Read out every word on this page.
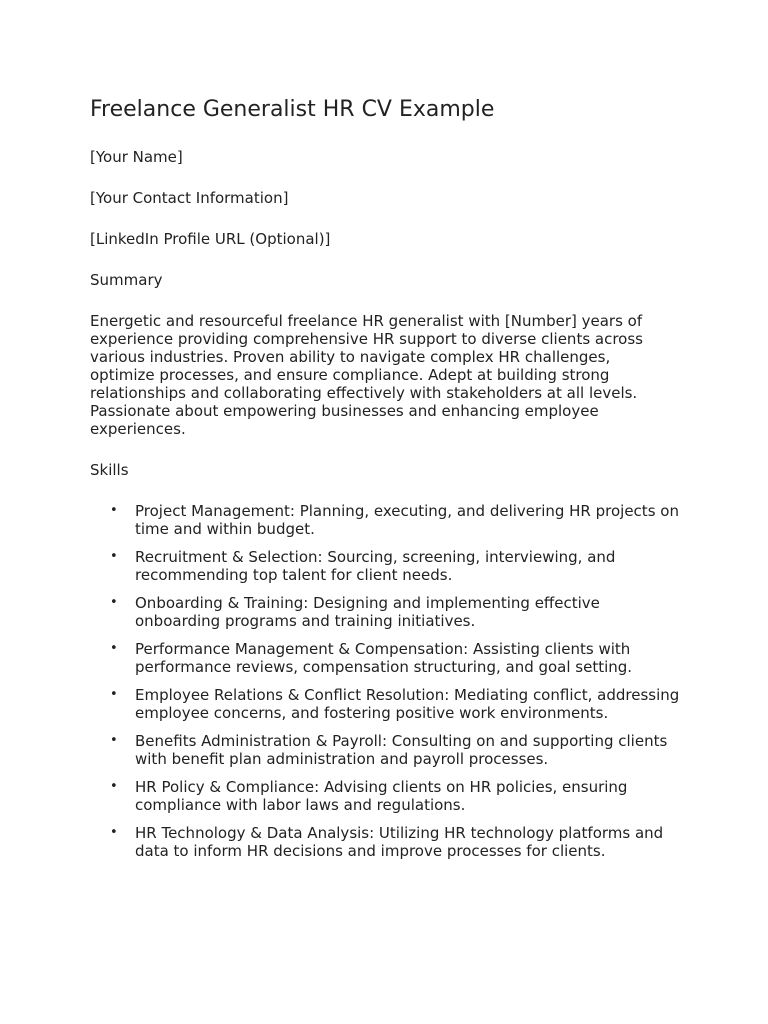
Freelance Generalist HR CV Example
[Your Name]
[Your Contact Information]
[LinkedIn Profile URL (Optional)]
Summary
Energetic and resourceful freelance HR generalist with [Number] years of experience providing comprehensive HR support to diverse clients across various industries. Proven ability to navigate complex HR challenges, optimize processes, and ensure compliance. Adept at building strong relationships and collaborating effectively with stakeholders at all levels. Passionate about empowering businesses and enhancing employee experiences.
Skills
• Project Management: Planning, executing, and delivering HR projects on time and within budget.
• Recruitment & Selection: Sourcing, screening, interviewing, and recommending top talent for client needs.
• Onboarding & Training: Designing and implementing effective onboarding programs and training initiatives.
• Performance Management & Compensation: Assisting clients with performance reviews, compensation structuring, and goal setting.
• Employee Relations & Conflict Resolution: Mediating conflict, addressing employee concerns, and fostering positive work environments.
• Benefits Administration & Payroll: Consulting on and supporting clients with benefit plan administration and payroll processes.
• HR Policy & Compliance: Advising clients on HR policies, ensuring compliance with labor laws and regulations.
• HR Technology & Data Analysis: Utilizing HR technology platforms and data to inform HR decisions and improve processes for clients.
